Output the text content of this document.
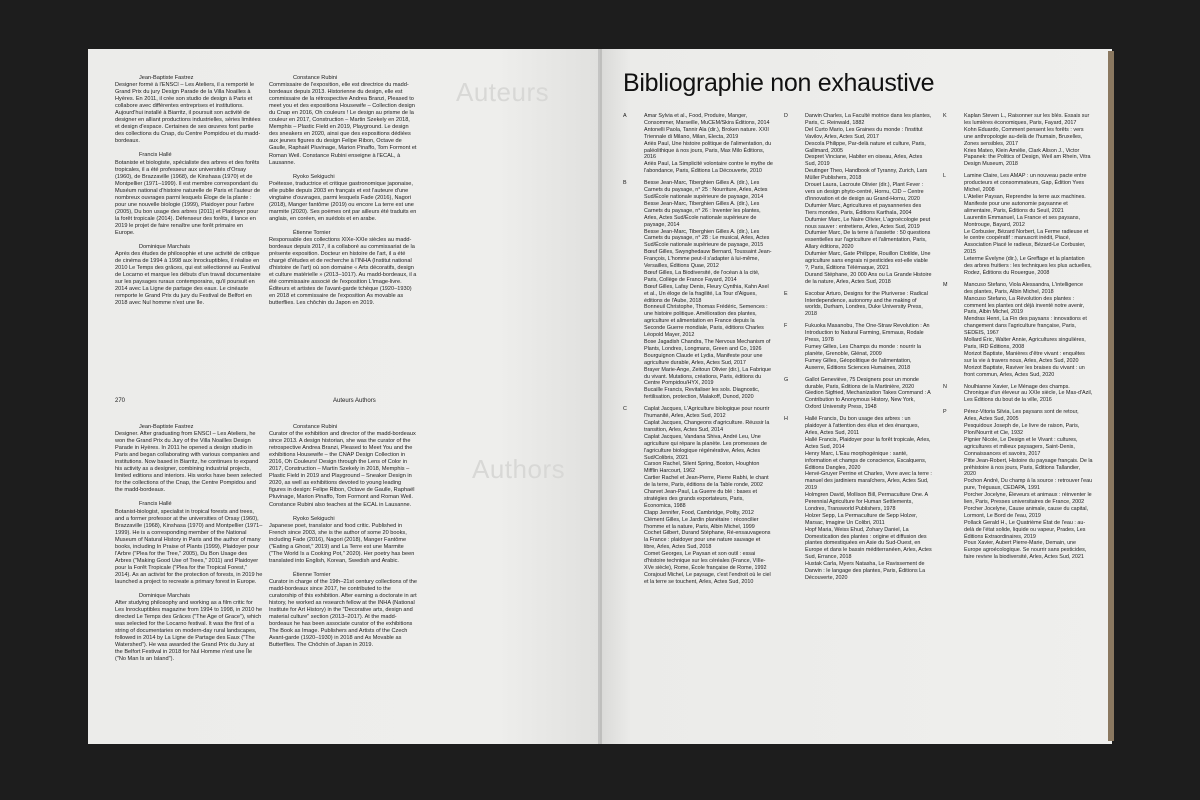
Auteurs
Authors
Jean-Baptiste Fastrez
Designer formé à l'ENSCI – Les Ateliers, il a remporté le Grand Prix du jury Design Parade de la Villa Noailles à Hyères. En 2011, il crée son studio de design à Paris et collabore avec différentes entreprises et institutions. Aujourd'hui installé à Biarritz, il poursuit son activité de designer en alliant productions industrielles, séries limitées et design d'espace. Certaines de ses œuvres font partie des collections du Cnap, du Centre Pompidou et du madd-bordeaux.
Francis Hallé
Botaniste et biologiste, spécialiste des arbres et des forêts tropicales, il a été professeur aux universités d'Orsay (1960), de Brazzaville (1968), de Kinshasa (1970) et de Montpellier (1971–1999). Il est membre correspondant du Muséum national d'histoire naturelle de Paris et l'auteur de nombreux ouvrages parmi lesquels Éloge de la plante : pour une nouvelle biologie (1999), Plaidoyer pour l'arbre (2005), Du bon usage des arbres (2011) et Plaidoyer pour la forêt tropicale (2014). Défenseur des forêts, il lance en 2019 le projet de faire renaître une forêt primaire en Europe.
Dominique Marchais
Après des études de philosophie et une activité de critique de cinéma de 1994 à 1998 aux Inrockuptibles, il réalise en 2010 Le Temps des grâces, qui est sélectionné au Festival de Locarno et marque les débuts d'un travail documentaire sur les paysages ruraux contemporains, qu'il poursuit en 2014 avec La Ligne de partage des eaux. Le cinéaste remporte le Grand Prix du jury du Festival de Belfort en 2018 avec Nul homme n'est une île.
Constance Rubini
Commissaire de l'exposition, elle est directrice du madd-bordeaux depuis 2013. Historienne du design, elle est commissaire de la rétrospective Andrea Branzi, Pleased to meet you et des expositions Housewife – Collection design du Cnap en 2016, Oh couleurs ! Le design au prisme de la couleur en 2017, Construction – Martin Szekely en 2018, Memphis – Plastic Field en 2019, Playground. Le design des sneakers en 2020, ainsi que des expositions dédiées aux jeunes figures du design Felipe Ribon, Octave de Gaulle, Raphaël Pluvinage, Marion Pinaffo, Tom Formont et Roman Weil. Constance Rubini enseigne à l'ECAL, à Lausanne.
Ryoko Sekiguchi
Poétesse, traductrice et critique gastronomique japonaise, elle publie depuis 2003 en français et est l'auteure d'une vingtaine d'ouvrages, parmi lesquels Fade (2016), Nagori (2018), Manger fantôme (2019) ou encore La terre est une marmite (2020). Ses poèmes ont par ailleurs été traduits en anglais, en coréen, en suédois et en arabe.
Étienne Tornier
Responsable des collections XIXe-XXIe siècles au madd-bordeaux depuis 2017, il a collaboré au commissariat de la présente exposition. Docteur en histoire de l'art, il a été chargé d'études et de recherche à l'INHA (Institut national d'histoire de l'art) où son domaine « Arts décoratifs, design et culture matérielle » (2013–1017). Au madd-bordeaux, il a été commissaire associé de l'exposition L'image-livre. Éditeurs et artistes de l'avant-garde tchèque (1920–1930) en 2018 et commissaire de l'exposition As movable as butterflies. Les chôchin du Japon en 2019.
270	Auteurs Authors
Jean-Baptiste Fastrez
Designer. After graduating from ENSCI – Les Ateliers, he won the Grand Prix du Jury of the Villa Noailles Design Parade in Hyères. In 2011 he opened a design studio in Paris and began collaborating with various companies and institutions. Now based in Biarritz, he continues to expand his activity as a designer, combining industrial projects, limited editions and interiors. His works have been selected for the collections of the Cnap, the Centre Pompidou and the madd-bordeaux.
Francis Hallé
Botanist-biologist, specialist in tropical forests and trees, and a former professor at the universities of Orsay (1960), Brazzaville (1968), Kinshasa (1970) and Montpellier (1971–1999). He is a corresponding member of the National Museum of Natural History in Paris and the author of many books, including In Praise of Plants (1999), Plaidoyer pour l'Arbre ("Plea for the Tree," 2005), Du Bon Usage des Arbres ("Making Good Use of Trees," 2011) and Plaidoyer pour la Forêt Tropicale ("Plea for the Tropical Forest," 2014). As an activist for the protection of forests, in 2019 he launched a project to recreate a primary forest in Europe.
Dominique Marchais
After studying philosophy and working as a film critic for Les Inrockuptibles magazine from 1994 to 1998, in 2010 he directed Le Temps des Grâces ("The Age of Grace"), which was selected for the Locarno festival. It was the first of a string of documentaries on modern-day rural landscapes, followed in 2014 by La Ligne de Partage des Eaux ("The Watershed"). He was awarded the Grand Prix du Jury at the Belfort Festival in 2018 for Nul Homme n'est une Île ("No Man Is an Island").
Constance Rubini
Curator of the exhibition and director of the madd-bordeaux since 2013. A design historian, she was the curator of the retrospective Andrea Branzi, Pleased to Meet You and the exhibitions Housewife – the CNAP Design Collection in 2016, Oh Couleurs! Design through the Lens of Color in 2017, Construction – Martin Szekely in 2018, Memphis – Plastic Field in 2019 and Playground – Sneaker Design in 2020, as well as exhibitions devoted to young leading figures in design: Felipe Ribon, Octave de Gaulle, Raphaël Pluvinage, Marion Pinaffo, Tom Formont and Roman Weil. Constance Rubini also teaches at the ECAL in Lausanne.
Ryoko Sekiguchi
Japanese poet, translator and food critic. Published in French since 2003, she is the author of some 20 books, including Fade (2016), Nagori (2018), Manger Fantôme ("Eating a Ghost," 2019) and La Terre est une Marmite ("The World Is a Cooking Pot," 2020). Her poetry has been translated into English, Korean, Swedish and Arabic.
Étienne Tornier
Curator in charge of the 19th–21st century collections of the madd-bordeaux since 2017, he contributed to the curatorship of this exhibition. After earning a doctorate in art history, he worked as research fellow at the INHA (National Institute for Art History) in the "Decorative arts, design and material culture" section (2013–2017). At the madd-bordeaux he has been associate curator of the exhibitions The Book as Image. Publishers and Artists of the Czech Avant-garde (1920–1930) in 2018 and As Movable as Butterflies. The Chôchin of Japan in 2019.
Bibliographie non exhaustive
A	Amar Sylvia et al., Food, Produire, Manger, Consommer, Marseille, MuCEM/Skira Éditions, 2014
Antonelli Paola, Tannir Ala (dir.), Broken nature. XXII Triennale di Milano, Milan, Electa, 2019
Ariès Paul, Une histoire politique de l'alimentation, du paléolithique à nos jours, Paris, Max Milo Éditions, 2016
Ariès Paul, La Simplicité volontaire contre le mythe de l'abondance, Paris, Éditions La Découverte, 2010
B	Besse Jean-Marc, Tiberghien Gilles A. (dir.), Les Carnets du paysage, n° 25 : Nourriture, Arles, Actes Sud/École nationale supérieure de paysage, 2014
Besse Jean-Marc, Tiberghien Gilles A. (dir.), Les Carnets du paysage, n° 26 : Inventer les plantes, Arles, Actes Sud/École nationale supérieure de paysage, 2014
Besse Jean-Marc, Tiberghien Gilles A. (dir.), Les Carnets du paysage, n° 28 : Le musical, Arles, Actes Sud/École nationale supérieure de paysage, 2015
Bœuf Gilles, Swynghedauw Bernard, Toussaint Jean-François, L'homme peut-il s'adapter à lui-même, Versailles, Éditions Quae, 2012
Bœuf Gilles, La Biodiversité, de l'océan à la cité, Paris, Collège de France Fayard, 2014
Bœuf Gilles, Lafay Denis, Fleury Cynthia, Kahn Axel et al., Un éloge de la fragilité, La Tour d'Aigues, éditions de l'Aube, 2018
Bonneuil Christophe, Thomas Frédéric, Semences : une histoire politique. Amélioration des plantes, agriculture et alimentation en France depuis la Seconde Guerre mondiale, Paris, éditions Charles Léopold Mayer, 2012
Bose Jagadish Chandra, The Nervous Mechanism of Plants, Londres, Longmans, Green and Co, 1926
Bourguignon Claude et Lydia, Manifeste pour une agriculture durable, Arles, Actes Sud, 2017
Brayer Marie-Ange, Zeitoun Olivier (dir.), La Fabrique du vivant. Mutations, créations, Paris, éditions du Centre Pompidou/HYX, 2019
Bucaille Francis, Revitaliser les sols. Diagnostic, fertilisation, protection, Malakoff, Dunod, 2020
C	Caplat Jacques, L'Agriculture biologique pour nourrir l'humanité, Arles, Actes Sud, 2012
Caplat Jacques, Changeons d'agriculture. Réussir la transition, Arles, Actes Sud, 2014
Caplat Jacques, Vandana Shiva, André Leu, Une agriculture qui répare la planète. Les promesses de l'agriculture biologique régénérative, Arles, Actes Sud/Colibris, 2021
Carson Rachel, Silent Spring, Boston, Houghton Mifflin Harcourt, 1962
Cartier Rachel et Jean-Pierre, Pierre Rabhi, le chant de la terre, Paris, éditions de la Table ronde, 2002
Charvet Jean-Paul, La Guerre du blé : bases et stratégies des grands exportateurs, Paris, Économica, 1988
Clapp Jennifer, Food, Cambridge, Polity, 2012
Clément Gilles, Le Jardin planétaire : réconcilier l'homme et la nature, Paris, Albin Michel, 1999
Cochet Gilbert, Durand Stéphane, Ré-ensauvageons la France : plaidoyer pour une nature sauvage et libre, Arles, Actes Sud, 2018
Comet Georges, Le Paysan et son outil : essai d'histoire technique sur les céréales (France, VIIIe-XVe siècle), Rome, École française de Rome, 1992
Corajoud Michel, Le paysage, c'est l'endroit où le ciel et la terre se touchent, Arles, Actes Sud, 2010
D	Darwin Charles, La Faculté motrice dans les plantes, Paris, C. Reinwald, 1882
Del Curto Mario, Les Graines du monde : l'institut Vavilov, Arles, Actes Sud, 2017
Descola Philippe, Par-delà nature et culture, Paris, Gallimard, 2005
Despret Vinciane, Habiter en oiseau, Arles, Actes Sud, 2019
Deutinger Theo, Handbook of Tyranny, Zurich, Lars Müller Publishers, 2018
Drouet Laura, Lacroute Olivier (dir.), Plant Fever : vers un design phyto-centré, Hornu, CID – Centre d'innovation et de design au Grand-Hornu, 2020
Dufumier Marc, Agricultures et paysanneries des Tiers mondes, Paris, Éditions Karthala, 2004
Dufumier Marc, Le Naire Olivier, L'agroécologie peut nous sauver : entretiens, Arles, Actes Sud, 2019
Dufumier Marc, De la terre à l'assiette : 50 questions essentielles sur l'agriculture et l'alimentation, Paris, Allary éditions, 2020
Dufumier Marc, Gate Philippe, Rouillon Clotilde, Une agriculture sans engrais ni pesticides est-elle viable ?, Paris, Éditions Télémaque, 2021
Durand Stéphane, 20 000 Ans ou La Grande Histoire de la nature, Arles, Actes Sud, 2018
E	Escobar Arturo, Designs for the Pluriverse : Radical Interdependence, autonomy and the making of worlds, Durham, Londres, Duke University Press, 2018
F	Fukuoka Masanobu, The One-Straw Revolution : An Introduction to Natural Farming, Emmaus, Rodale Press, 1978
Fumey Gilles, Les Champs du monde : nourrir la planète, Grenoble, Glénat, 2009
Fumey Gilles, Géopolitique de l'alimentation, Auxerre, Éditions Sciences Humaines, 2018
G	Gallot Geneviève, 75 Designers pour un monde durable, Paris, Éditions de la Martinière, 2020
Giedion Sigfried, Mechanization Takes Command : A Contribution to Anonymous History, New York, Oxford University Press, 1948
H	Hallé Francis, Du bon usage des arbres : un plaidoyer à l'attention des élus et des énarques, Arles, Actes Sud, 2011
Hallé Francis, Plaidoyer pour la forêt tropicale, Arles, Actes Sud, 2014
Henry Marc, L'Eau morphogénique : santé, information et champs de conscience, Escalquens, Éditions Dangles, 2020
Hervé-Gruyer Perrine et Charles, Vivre avec la terre : manuel des jardiniers maraîchers, Arles, Actes Sud, 2019
Holmgren David, Mollison Bill, Permaculture One. A Perennial Agriculture for Human Settlements, Londres, Transworld Publishers, 1978
Holzer Sepp, La Permaculture de Sepp Holzer, Marsac, Imagine Un Colibri, 2011
Hopf Maria, Weiss Ehud, Zohary Daniel, La Domestication des plantes : origine et diffusion des plantes domestiquées en Asie du Sud-Ouest, en Europe et dans le bassin méditerranéen, Arles, Actes Sud, Errance, 2018
Hustak Carla, Myers Natasha, Le Ravissement de Darwin : le langage des plantes, Paris, Éditions La Découverte, 2020
K	Kaplan Steven L., Raisonner sur les blés. Essais sur les lumières économiques, Paris, Fayard, 2017
Kohn Eduardo, Comment pensent les forêts : vers une anthropologie au-delà de l'humain, Bruxelles, Zones sensibles, 2017
Kries Mateo, Klein Amélie, Clark Alison J., Victor Papanek: the Politics of Design, Weil am Rhein, Vitra Design Museum, 2018
L	Lamine Claire, Les AMAP : un nouveau pacte entre producteurs et consommateurs, Gap, Édition Yves Michel, 2008
L'Atelier Paysan, Reprendre la terre aux machines. Manifeste pour une autonomie paysanne et alimentaire, Paris, Éditions du Seuil, 2021
Laurentin Emmanuel, La France et ses paysans, Montrouge, Bayard, 2012
Le Corbusier, Bézard Norbert, La Ferme radieuse et le centre coopératif : manuscrit inédit, Piacé, Association Piacé le radieux, Bézard-Le Corbusier, 2015
Leterme Évelyne (dir.), Le Greffage et la plantation des arbres fruitiers : les techniques les plus actuelles, Rodez, Éditions du Rouergue, 2008
M	Mancuso Stefano, Viola Alessandra, L'intelligence des plantes, Paris, Albin Michel, 2018
Mancuso Stefano, La Révolution des plantes : comment les plantes ont déjà inventé notre avenir, Paris, Albin Michel, 2019
Mendras Henri, La Fin des paysans : innovations et changement dans l'agriculture française, Paris, SEDEIS, 1967
Mollard Éric, Walter Annie, Agricultures singulières, Paris, IRD Éditions, 2008
Morizot Baptiste, Manières d'être vivant : enquêtes sur la vie à travers nous, Arles, Actes Sud, 2020
Morizot Baptiste, Raviver les braises du vivant : un front commun, Arles, Actes Sud, 2020
N	Noulhianne Xavier, Le Ménage des champs. Chronique d'un éleveur au XXIe siècle, Le Mas-d'Azil, Les Éditions du bout de la ville, 2016
P	Pérez-Vitoria Silvia, Les paysans sont de retour, Arles, Actes Sud, 2005
Pesquidoux Joseph de, Le livre de raison, Paris, Plon/Nourrit et Cie, 1932
Pignier Nicole, Le Design et le Vivant : cultures, agricultures et milieux paysagers, Saint-Denis, Connaissances et savoirs, 2017
Pitte Jean-Robert, Histoire du paysage français. De la préhistoire à nos jours, Paris, Éditions Tallandier, 2020
Pochon André, Du champ à la source : retrouver l'eau pure, Tréguaux, CEDAPA, 1991
Porcher Jocelyne, Éleveurs et animaux : réinventer le lien, Paris, Presses universitaires de France, 2002
Porcher Jocelyne, Cause animale, cause du capital, Lormont, Le Bord de l'eau, 2019
Pollack Gerald H., Le Quatrième État de l'eau : au-delà de l'état solide, liquide ou vapeur, Prades, Les Éditions Extraordinaires, 2019
Poux Xavier, Aubert Pierre-Marie, Demain, une Europe agroécologique. Se nourrir sans pesticides, faire revivre la biodiversité, Arles, Actes Sud, 2021
